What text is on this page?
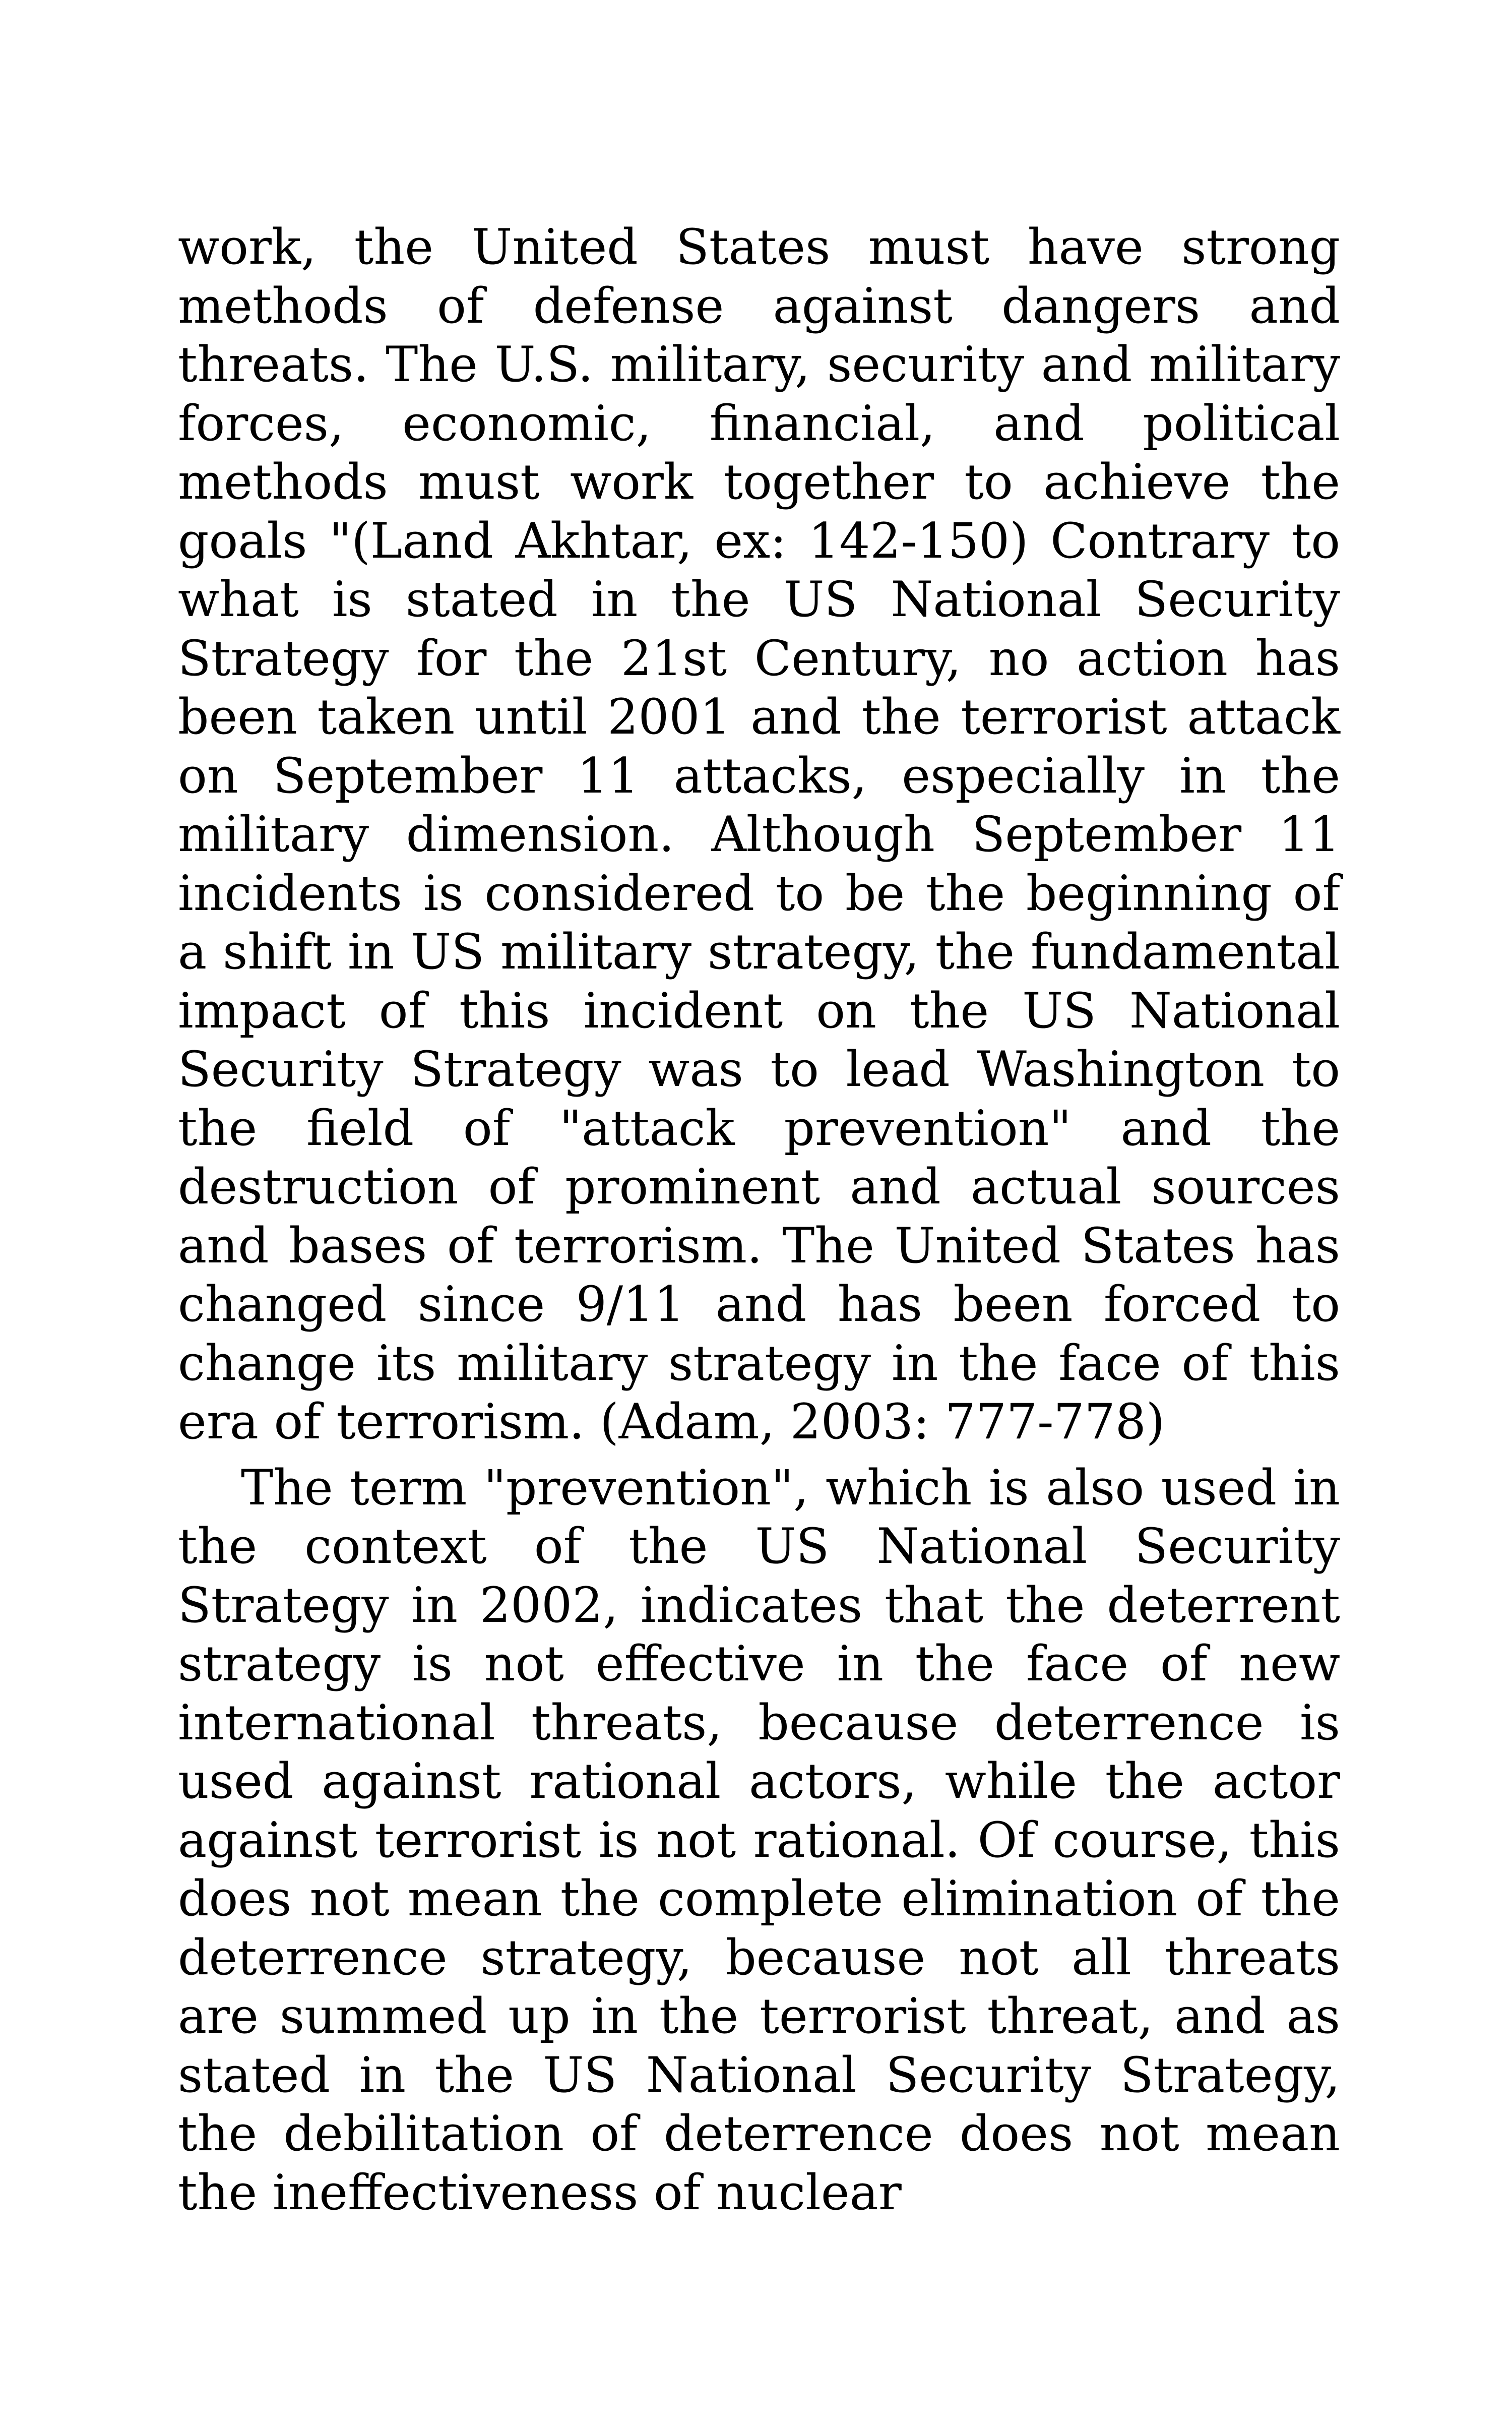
work, the United States must have strong methods of defense against dangers and threats. The U.S. military, security and military forces, economic, financial, and political methods must work together to achieve the goals "(Land Akhtar, ex: 142-150) Contrary to what is stated in the US National Security Strategy for the 21st Century, no action has been taken until 2001 and the terrorist attack on September 11 attacks, especially in the military dimension. Although September 11 incidents is considered to be the beginning of a shift in US military strategy, the fundamental impact of this incident on the US National Security Strategy was to lead Washington to the field of "attack prevention" and the destruction of prominent and actual sources and bases of terrorism. The United States has changed since 9/11 and has been forced to change its military strategy in the face of this era of terrorism. (Adam, 2003: 777-778)

The term "prevention", which is also used in the context of the US National Security Strategy in 2002, indicates that the deterrent strategy is not effective in the face of new international threats, because deterrence is used against rational actors, while the actor against terrorist is not rational. Of course, this does not mean the complete elimination of the deterrence strategy, because not all threats are summed up in the terrorist threat, and as stated in the US National Security Strategy, the debilitation of deterrence does not mean the ineffectiveness of nuclear
